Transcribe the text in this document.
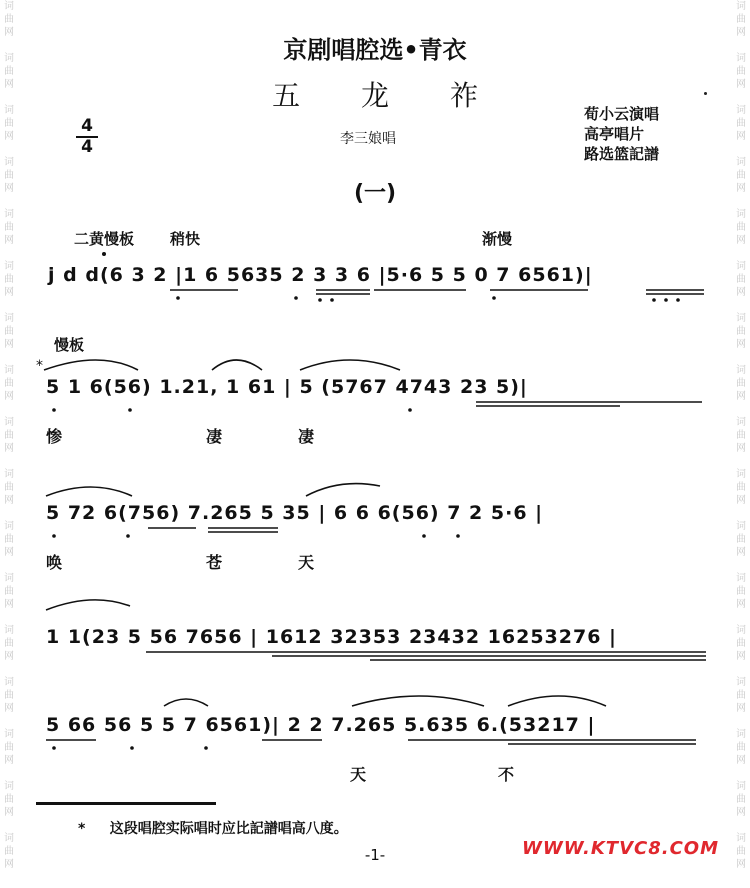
词
曲
网

词
曲
网

词
曲
网

词
曲
网

词
曲
网

词
曲
网

词
曲
网

词
曲
网

词
曲
网

词
曲
网

词
曲
网

词
曲
网

词
曲
网

词
曲
网

词
曲
网

词
曲
网

词
曲
网
词
曲
网

词
曲
网

词
曲
网

词
曲
网

词
曲
网

词
曲
网

词
曲
网

词
曲
网

词
曲
网

词
曲
网

词
曲
网

词
曲
网

词
曲
网

词
曲
网

词
曲
网

词
曲
网

词
曲
网
京剧唱腔选•青衣
五 龙 祚
荀小云演唱
高亭唱片
路选篮記譜
4
4	李三娘唱
(一)
二黄慢板 稍快	渐慢
慢板
j d d(6 3 2 |1 6 5635 2 3 3 6 |5·6 5 5 0 7 6561)|
5 1 6(56) 1.21, 1 61 | 5 (5767 4743 23 5)|
5 72 6(756) 7.265 5 35 | 6 6 6(56) 7 2 5·6 |
1 1(23 5 56 7656 | 1612 32353 23432 16253276 |
5 66 56 5 5 7 6561)| 2 2 7.265 5.635 6.(53217 |
惨	凄	凄
唤	苍	天
天	不
*
* 这段唱腔实际唱时应比記譜唱高八度。
-1-	WWW.KTVC8.COM
